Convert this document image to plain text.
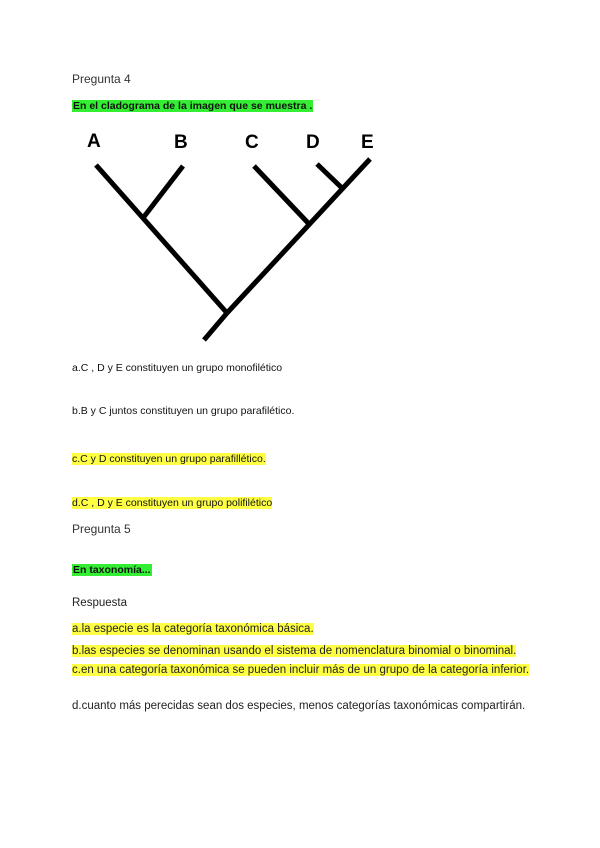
Pregunta 4
En el cladograma de la imagen que se muestra .
A	B	C D E
a.C , D y E constituyen un grupo monofilético
b.B y C juntos constituyen un grupo parafilético.
c.C y D constituyen un grupo parafillético.
d.C , D y E constituyen un grupo polifilético
Pregunta 5
En taxonomía...
Respuesta
a.la especie es la categoría taxonómica básica.
b.las especies se denominan usando el sistema de nomenclatura binomial o binominal.
c.en una categoría taxonómica se pueden incluir más de un grupo de la categoría inferior.
d.cuanto más perecidas sean dos especies, menos categorías taxonómicas compartirán.
